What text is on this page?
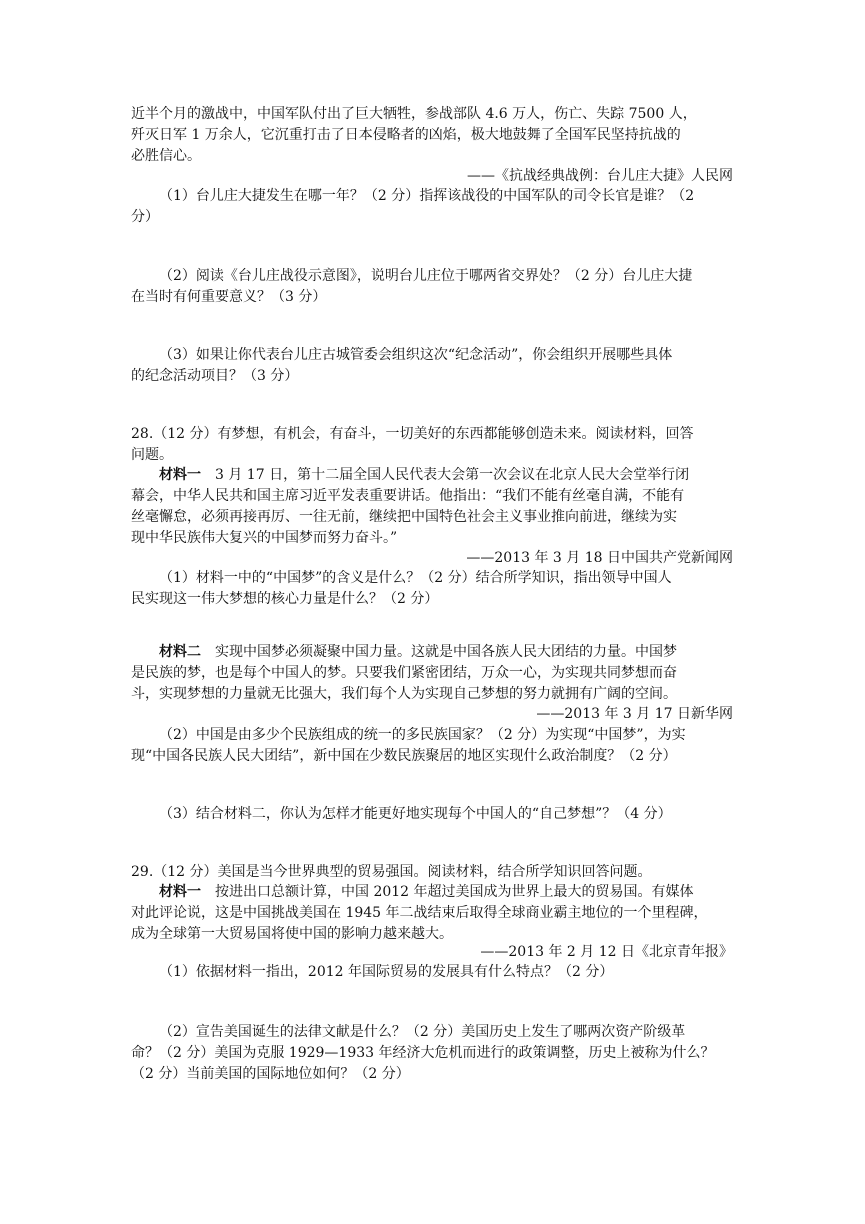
近半个月的激战中，中国军队付出了巨大牺牲，参战部队 4.6 万人，伤亡、失踪 7500 人，
歼灭日军 1 万余人，它沉重打击了日本侵略者的凶焰，极大地鼓舞了全国军民坚持抗战的
必胜信心。
——《抗战经典战例：台儿庄大捷》人民网
（1）台儿庄大捷发生在哪一年？（2 分）指挥该战役的中国军队的司令长官是谁？（2
分）
（2）阅读《台儿庄战役示意图》，说明台儿庄位于哪两省交界处？（2 分）台儿庄大捷
在当时有何重要意义？（3 分）
（3）如果让你代表台儿庄古城管委会组织这次“纪念活动”，你会组织开展哪些具体
的纪念活动项目？（3 分）
28.（12 分）有梦想，有机会，有奋斗，一切美好的东西都能够创造未来。阅读材料，回答
问题。
材料一　 3 月 17 日，第十二届全国人民代表大会第一次会议在北京人民大会堂举行闭
幕会，中华人民共和国主席习近平发表重要讲话。他指出：“我们不能有丝毫自满，不能有
丝毫懈怠，必须再接再厉、一往无前，继续把中国特色社会主义事业推向前进，继续为实
现中华民族伟大复兴的中国梦而努力奋斗。”
——2013 年 3 月 18 日中国共产党新闻网
（1）材料一中的“中国梦”的含义是什么？（2 分）结合所学知识，指出领导中国人
民实现这一伟大梦想的核心力量是什么？（2 分）
材料二　 实现中国梦必须凝聚中国力量。这就是中国各族人民大团结的力量。中国梦
是民族的梦，也是每个中国人的梦。只要我们紧密团结，万众一心，为实现共同梦想而奋
斗，实现梦想的力量就无比强大，我们每个人为实现自己梦想的努力就拥有广阔的空间。
——2013 年 3 月 17 日新华网
（2）中国是由多少个民族组成的统一的多民族国家？（2 分）为实现“中国梦”，为实
现“中国各民族人民大团结”，新中国在少数民族聚居的地区实现什么政治制度？（2 分）
（3）结合材料二，你认为怎样才能更好地实现每个中国人的“自己梦想”？（4 分）
29.（12 分）美国是当今世界典型的贸易强国。阅读材料，结合所学知识回答问题。
材料一　 按进出口总额计算，中国 2012 年超过美国成为世界上最大的贸易国。有媒体
对此评论说，这是中国挑战美国在 1945 年二战结束后取得全球商业霸主地位的一个里程碑，
成为全球第一大贸易国将使中国的影响力越来越大。
——2013 年 2 月 12 日《北京青年报》
（1）依据材料一指出，2012 年国际贸易的发展具有什么特点？（2 分）
（2）宣告美国诞生的法律文献是什么？（2 分）美国历史上发生了哪两次资产阶级革
命？（2 分）美国为克服 1929—1933 年经济大危机而进行的政策调整，历史上被称为什么？
（2 分）当前美国的国际地位如何？（2 分）
